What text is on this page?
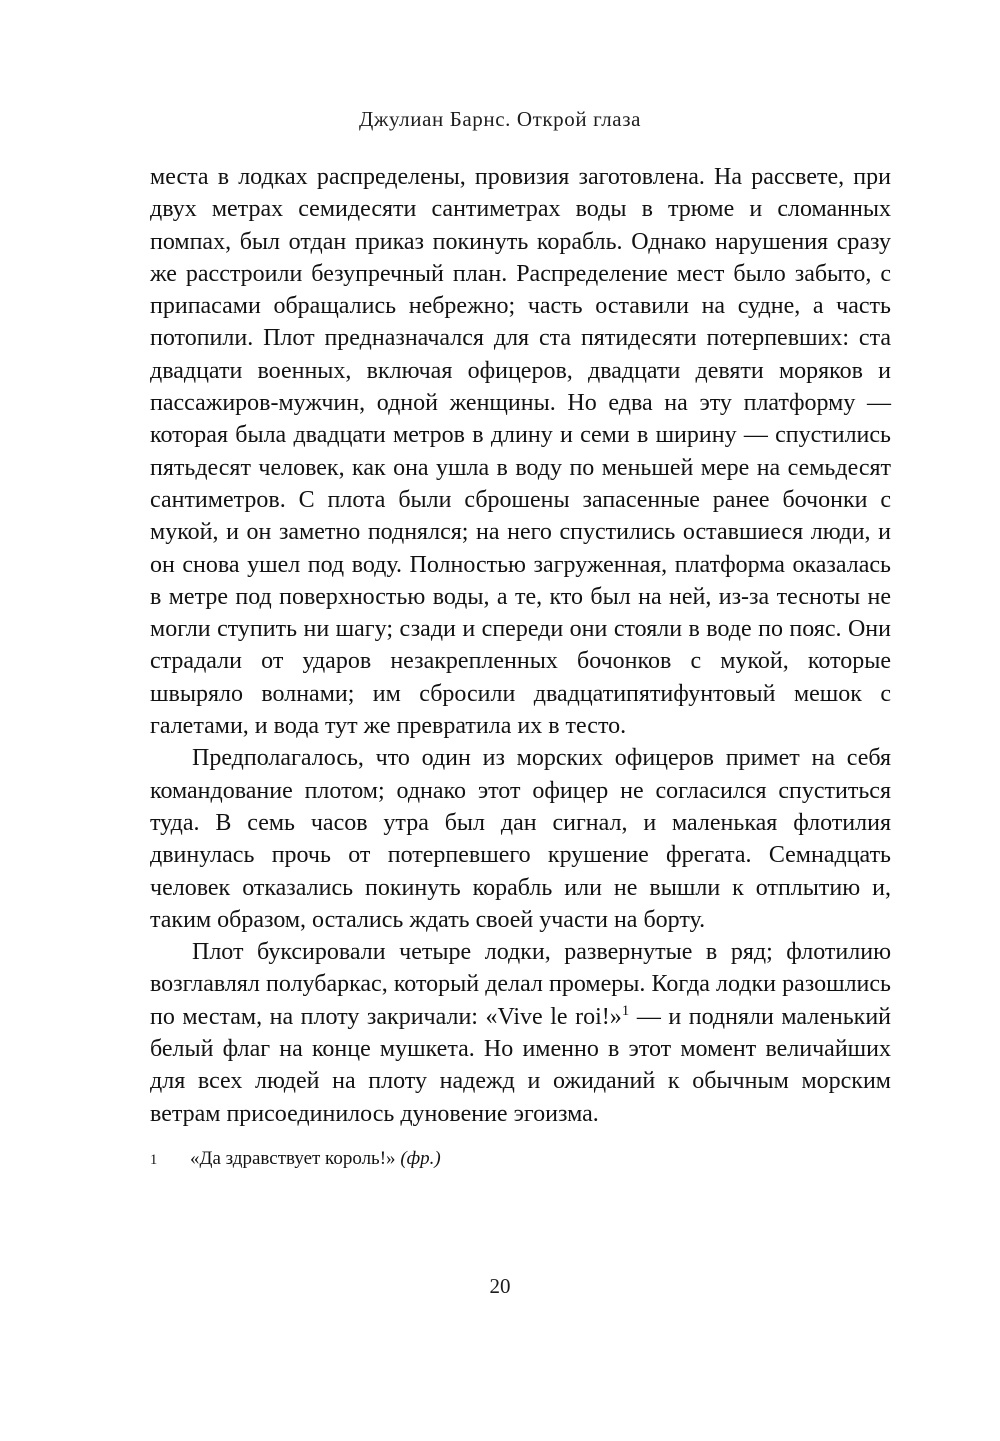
Джулиан Барнс. Открой глаза

места в лодках распределены, провизия заготовлена. На рассвете, при двух метрах семидесяти сантиметрах воды в трюме и сломанных помпах, был отдан приказ покинуть корабль. Однако нарушения сразу же расстроили безупречный план. Распределение мест было забыто, с припасами обращались небрежно; часть оставили на судне, а часть потопили. Плот предназначался для ста пятидесяти потерпевших: ста двадцати военных, включая офицеров, двадцати девяти моряков и пассажиров-мужчин, одной женщины. Но едва на эту платформу — которая была двадцати метров в длину и семи в ширину — спустились пятьдесят человек, как она ушла в воду по меньшей мере на семьдесят сантиметров. С плота были сброшены запасенные ранее бочонки с мукой, и он заметно поднялся; на него спустились оставшиеся люди, и он снова ушел под воду. Полностью загруженная, платформа оказалась в метре под поверхностью воды, а те, кто был на ней, из-за тесноты не могли ступить ни шагу; сзади и спереди они стояли в воде по пояс. Они страдали от ударов незакрепленных бочонков с мукой, которые швыряло волнами; им сбросили двадцатипятифунтовый мешок с галетами, и вода тут же превратила их в тесто.

Предполагалось, что один из морских офицеров примет на себя командование плотом; однако этот офицер не согласился спуститься туда. В семь часов утра был дан сигнал, и маленькая флотилия двинулась прочь от потерпевшего крушение фрегата. Семнадцать человек отказались покинуть корабль или не вышли к отплытию и, таким образом, остались ждать своей участи на борту.

Плот буксировали четыре лодки, развернутые в ряд; флотилию возглавлял полубаркас, который делал промеры. Когда лодки разошлись по местам, на плоту закричали: «Vive le roi!»$^1$ — и подняли маленький белый флаг на конце мушкета. Но именно в этот момент величайших для всех людей на плоту надежд и ожиданий к обычным морским ветрам присоединилось дуновение эгоизма.

1 «Да здравствует король!» (фр.)
20
